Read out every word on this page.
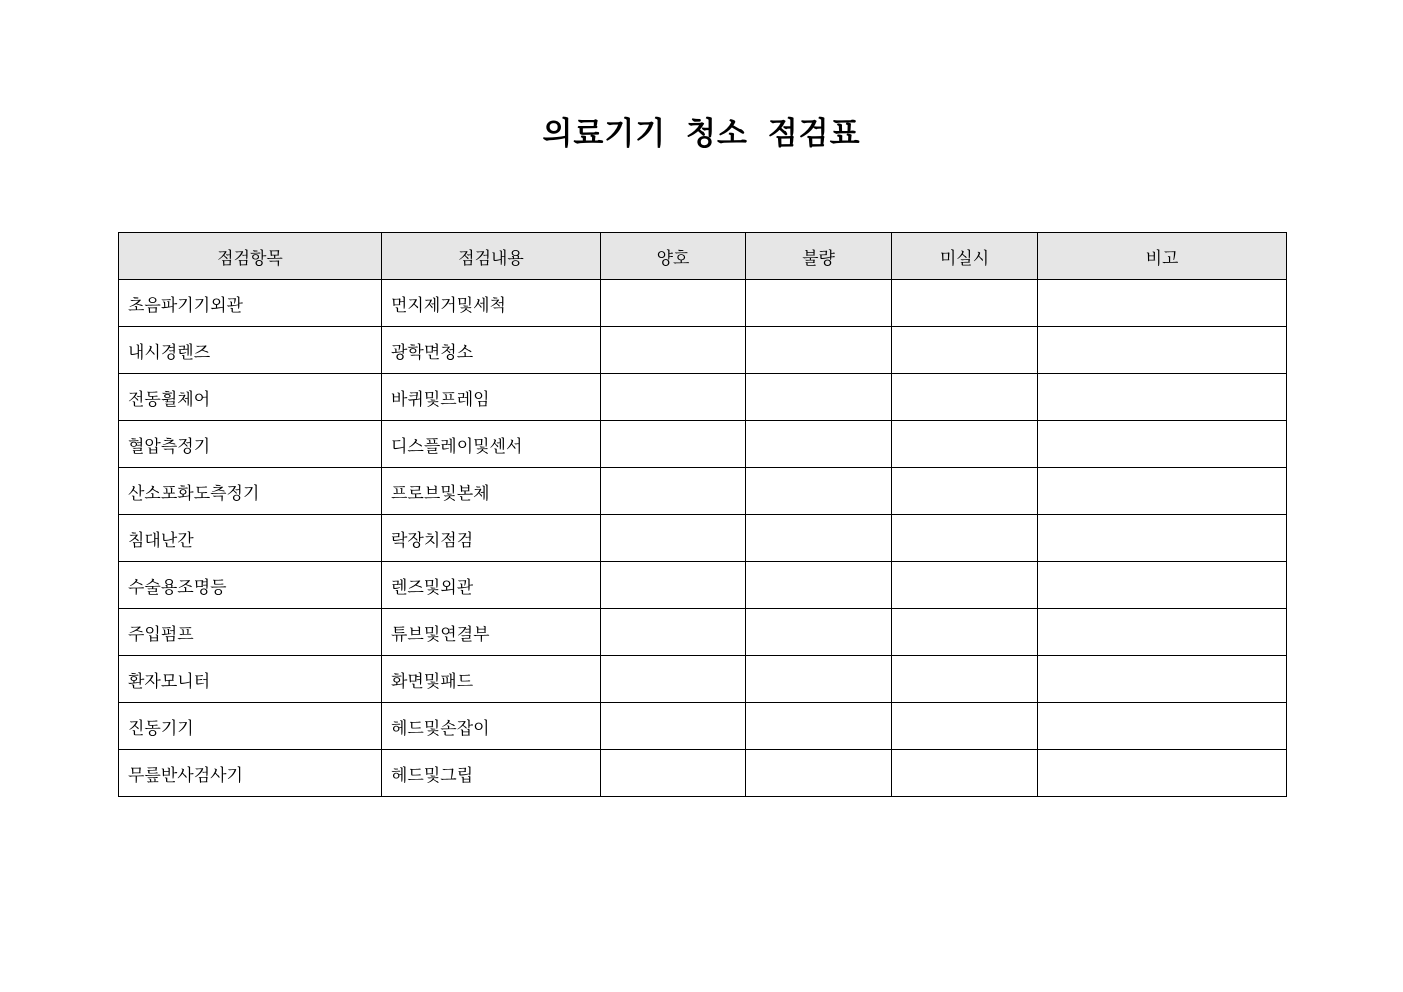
의료기기 청소 점검표
점검항목	점검내용	양호	불량	미실시	비고
초음파기기외관	먼지제거및세척				
내시경렌즈	광학면청소				
전동휠체어	바퀴및프레임				
혈압측정기	디스플레이및센서				
산소포화도측정기	프로브및본체				
침대난간	락장치점검				
수술용조명등	렌즈및외관				
주입펌프	튜브및연결부				
환자모니터	화면및패드				
진동기기	헤드및손잡이				
무릎반사검사기	헤드및그립				
